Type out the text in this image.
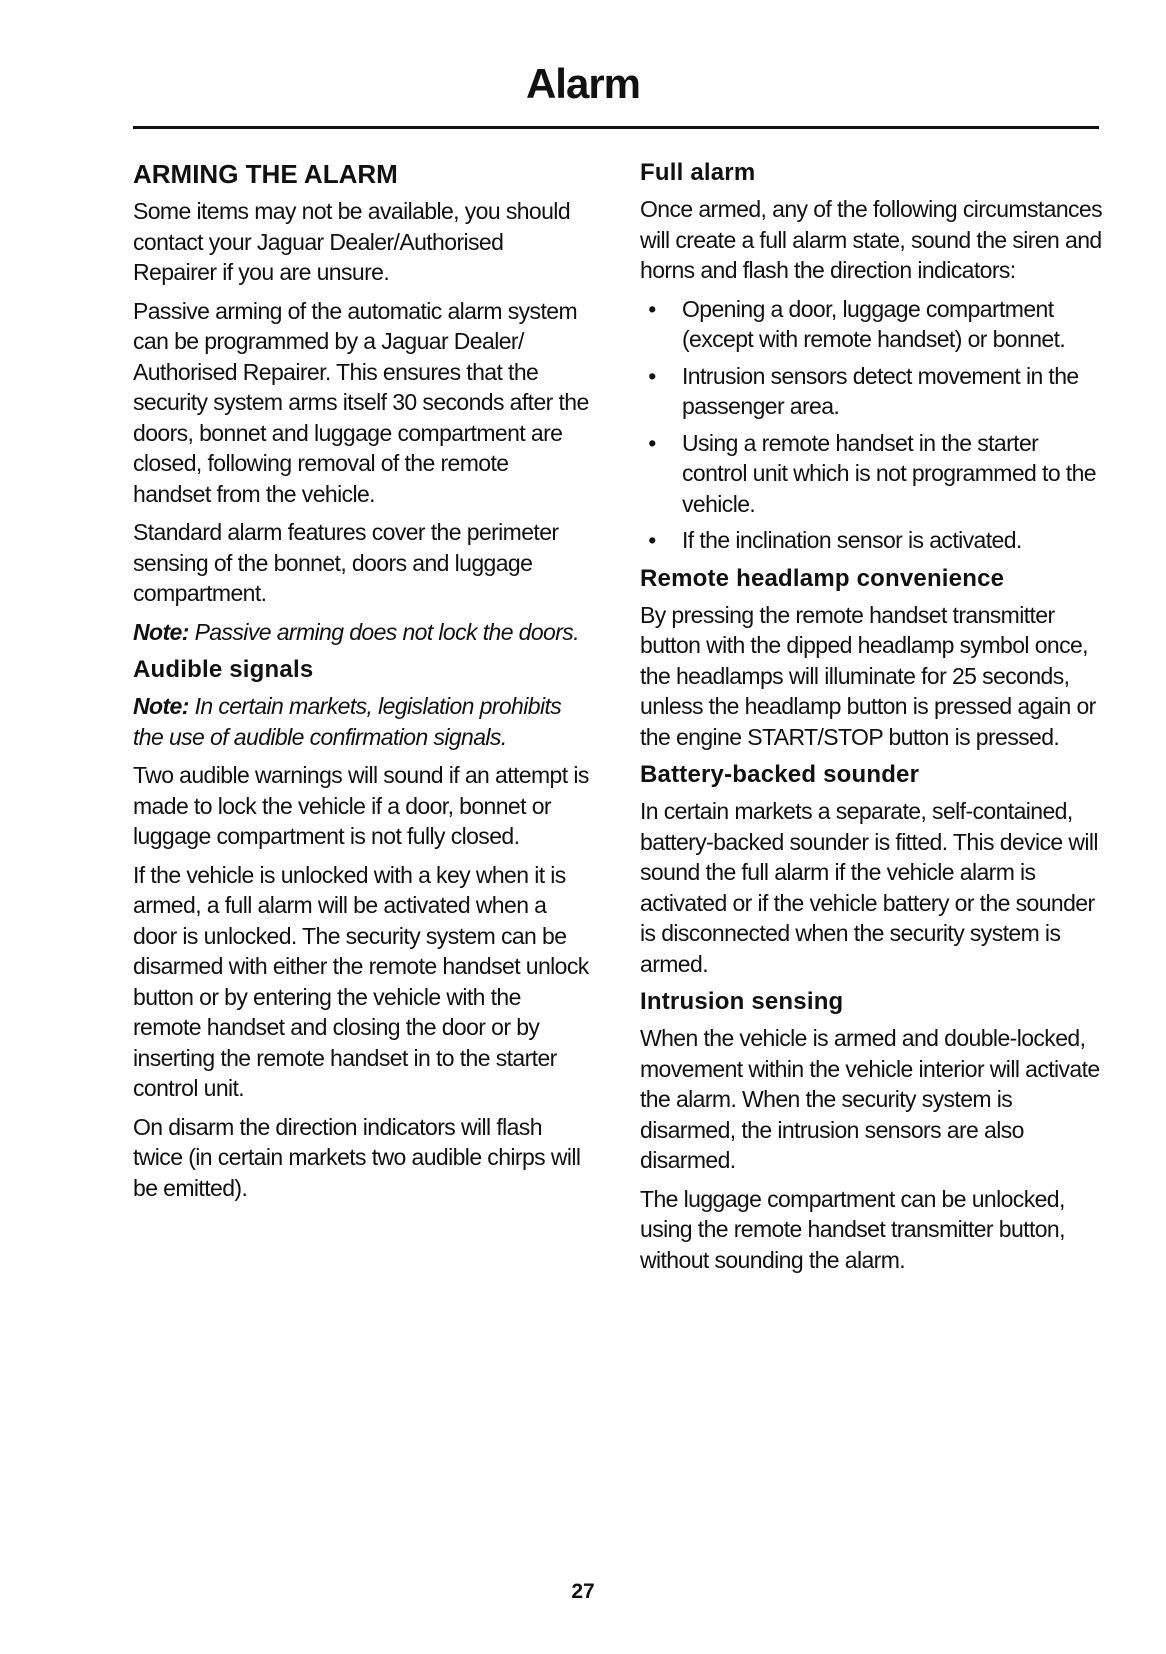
Alarm
ARMING THE ALARM

Some items may not be available, you should contact your Jaguar Dealer/Authorised Repairer if you are unsure.

Passive arming of the automatic alarm system can be programmed by a Jaguar Dealer/ Authorised Repairer. This ensures that the security system arms itself 30 seconds after the doors, bonnet and luggage compartment are closed, following removal of the remote handset from the vehicle.

Standard alarm features cover the perimeter sensing of the bonnet, doors and luggage compartment.

Note: Passive arming does not lock the doors.

Audible signals

Note: In certain markets, legislation prohibits the use of audible confirmation signals.

Two audible warnings will sound if an attempt is made to lock the vehicle if a door, bonnet or luggage compartment is not fully closed.

If the vehicle is unlocked with a key when it is armed, a full alarm will be activated when a door is unlocked. The security system can be disarmed with either the remote handset unlock button or by entering the vehicle with the remote handset and closing the door or by inserting the remote handset in to the starter control unit.

On disarm the direction indicators will flash twice (in certain markets two audible chirps will be emitted).

Full alarm

Once armed, any of the following circumstances will create a full alarm state, sound the siren and horns and flash the direction indicators:

• Opening a door, luggage compartment (except with remote handset) or bonnet.
• Intrusion sensors detect movement in the passenger area.
• Using a remote handset in the starter control unit which is not programmed to the vehicle.
• If the inclination sensor is activated.
Remote headlamp convenience

By pressing the remote handset transmitter button with the dipped headlamp symbol once, the headlamps will illuminate for 25 seconds, unless the headlamp button is pressed again or the engine START/STOP button is pressed.

Battery-backed sounder

In certain markets a separate, self-contained, battery-backed sounder is fitted. This device will sound the full alarm if the vehicle alarm is activated or if the vehicle battery or the sounder is disconnected when the security system is armed.

Intrusion sensing

When the vehicle is armed and double-locked, movement within the vehicle interior will activate the alarm. When the security system is disarmed, the intrusion sensors are also disarmed.

The luggage compartment can be unlocked, using the remote handset transmitter button, without sounding the alarm.

27
